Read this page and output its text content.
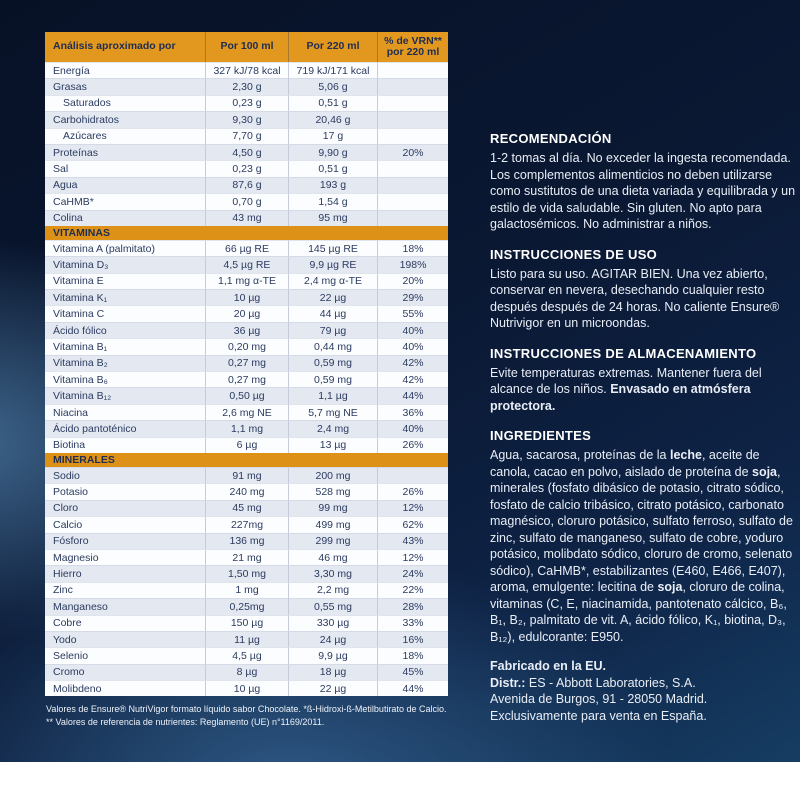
Análisis aproximado por	Por 100 ml	Por 220 ml	% de VRN** por 220 ml
Energía	327 kJ/78 kcal	719 kJ/171 kcal
Grasas	2,30 g	5,06 g
Saturados	0,23 g	0,51 g
Carbohidratos	9,30 g	20,46 g
Azúcares	7,70 g	17 g
Proteínas	4,50 g	9,90 g	20%
Sal	0,23 g	0,51 g
Agua	87,6 g	193 g
CaHMB*	0,70 g	1,54 g
Colina	43 mg	95 mg
VITAMINAS
Vitamina A (palmitato)	66 µg RE	145 µg RE	18%
Vitamina D₃	4,5 µg RE	9,9 µg RE	198%
Vitamina E	1,1 mg α-TE	2,4 mg α-TE	20%
Vitamina K₁	10 µg	22 µg	29%
Vitamina C	20 µg	44 µg	55%
Ácido fólico	36 µg	79 µg	40%
Vitamina B₁	0,20 mg	0,44 mg	40%
Vitamina B₂	0,27 mg	0,59 mg	42%
Vitamina B₆	0,27 mg	0,59 mg	42%
Vitamina B₁₂	0,50 µg	1,1 µg	44%
Niacina	2,6 mg NE	5,7 mg NE	36%
Ácido pantoténico	1,1 mg	2,4 mg	40%
Biotina	6 µg	13 µg	26%
MINERALES
Sodio	91 mg	200 mg
Potasio	240 mg	528 mg	26%
Cloro	45 mg	99 mg	12%
Calcio	227mg	499 mg	62%
Fósforo	136 mg	299 mg	43%
Magnesio	21 mg	46 mg	12%
Hierro	1,50 mg	3,30 mg	24%
Zinc	1 mg	2,2 mg	22%
Manganeso	0,25mg	0,55 mg	28%
Cobre	150 µg	330 µg	33%
Yodo	11 µg	24 µg	16%
Selenio	4,5 µg	9,9 µg	18%
Cromo	8 µg	18 µg	45%
Molibdeno	10 µg	22 µg	44%
Valores de Ensure® NutriVigor formato líquido sabor Chocolate. *ß-Hidroxi-ß-Metilbutirato de Calcio.
** Valores de referencia de nutrientes: Reglamento (UE) n°1169/2011.
RECOMENDACIÓN
1-2 tomas al día. No exceder la ingesta recomendada. Los complementos alimenticios no deben utilizarse como sustitutos de una dieta variada y equilibrada y un estilo de vida saludable. Sin gluten. No apto para galactosémicos. No administrar a niños.
INSTRUCCIONES DE USO
Listo para su uso. AGITAR BIEN. Una vez abierto, conservar en nevera, desechando cualquier resto después después de 24 horas. No caliente Ensure® Nutrivigor en un microondas.
INSTRUCCIONES DE ALMACENAMIENTO
Evite temperaturas extremas. Mantener fuera del alcance de los niños. Envasado en atmósfera protectora.
INGREDIENTES
Agua, sacarosa, proteínas de la leche, aceite de canola, cacao en polvo, aislado de proteína de soja, minerales (fosfato dibásico de potasio, citrato sódico, fosfato de calcio tribásico, citrato potásico, carbonato magnésico, cloruro potásico, sulfato ferroso, sulfato de zinc, sulfato de manganeso, sulfato de cobre, yoduro potásico, molibdato sódico, cloruro de cromo, selenato sódico), CaHMB*, estabilizantes (E460, E466, E407), aroma, emulgente: lecitina de soja, cloruro de colina, vitaminas (C, E, niacinamida, pantotenato cálcico, B₆, B₁, B₂, palmitato de vit. A, ácido fólico, K₁, biotina, D₃, B₁₂), edulcorante: E950.
Fabricado en la EU.
Distr.: ES - Abbott Laboratories, S.A.
Avenida de Burgos, 91 - 28050 Madrid.
Exclusivamente para venta en España.
